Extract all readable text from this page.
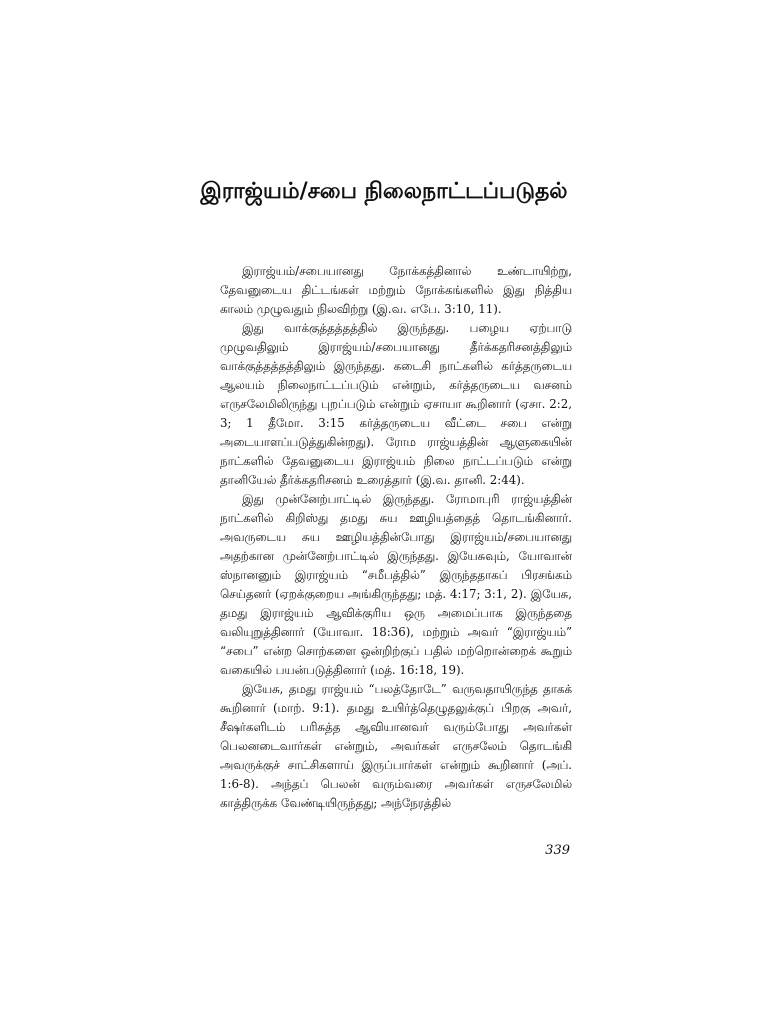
இராஜ்யம்/சபை நிலைநாட்டப்படுதல்

இராஜ்யம்/சபையானது நோக்கத்தினால் உண்டாயிற்று, தேவனுடைய திட்டங்கள் மற்றும் நோக்கங்களில் இது நித்திய காலம் முழுவதும் நிலவிற்று (இ.வ. எபே. 3:10, 11).

இது வாக்குத்தத்தத்தில் இருந்தது. பழைய ஏற்பாடு முழுவதிலும் இராஜ்யம்/சபையானது தீர்க்கதரிசனத்திலும் வாக்குத்தத்தத்திலும் இருந்தது. கடைசி நாட்களில் கர்த்தருடைய ஆலயம் நிலைநாட்டப்படும் என்றும், கர்த்தருடைய வசனம் எருசலேமிலிருந்து புறப்படும் என்றும் ஏசாயா கூறினார் (ஏசா. 2:2, 3; 1 தீமோ. 3:15 கர்த்தருடைய வீட்டை சபை என்று அடையாளப்படுத்துகின்றது). ரோம ராஜ்யத்தின் ஆளுகையின் நாட்களில் தேவனுடைய இராஜ்யம் நிலை நாட்டப்படும் என்று தானியேல் தீர்க்கதரிசனம் உரைத்தார் (இ.வ. தானி. 2:44).

இது முன்னேற்பாட்டில் இருந்தது. ரோமாபுரி ராஜ்யத்தின் நாட்களில் கிறிஸ்து தமது சுய ஊழியத்தைத் தொடங்கினார். அவருடைய சுய ஊழியத்தின்போது இராஜ்யம்/சபையானது அதற்கான முன்னேற்பாட்டில் இருந்தது. இயேசுவும், யோவான் ஸ்நானனும் இராஜ்யம் “சமீபத்தில்” இருந்ததாகப் பிரசங்கம் செய்தனர் (ஏறக்குறைய அங்கிருந்தது; மத். 4:17; 3:1, 2). இயேசு, தமது இராஜ்யம் ஆவிக்குரிய ஒரு அமைப்பாக இருந்ததை வலியுறுத்தினார் (யோவா. 18:36), மற்றும் அவர் “இராஜ்யம்” “சபை” என்ற சொற்களை ஒன்றிற்குப் பதில் மற்றொன்றைக் கூறும் வகையில் பயன்படுத்தினார் (மத். 16:18, 19).

இயேசு, தமது ராஜ்யம் “பலத்தோடே” வருவதாயிருந்த தாகக் கூறினார் (மாற். 9:1). தமது உயிர்த்தெழுதலுக்குப் பிறகு அவர், சீஷர்களிடம் பரிசுத்த ஆவியானவர் வரும்போது அவர்கள் பெலனடைவார்கள் என்றும், அவர்கள் எருசலேம் தொடங்கி அவருக்குச் சாட்சிகளாய் இருப்பார்கள் என்றும் கூறினார் (அப். 1:6-8). அந்தப் பெலன் வரும்வரை அவர்கள் எருசலேமில் காத்திருக்க வேண்டியிருந்தது; அந்நேரத்தில்

339
